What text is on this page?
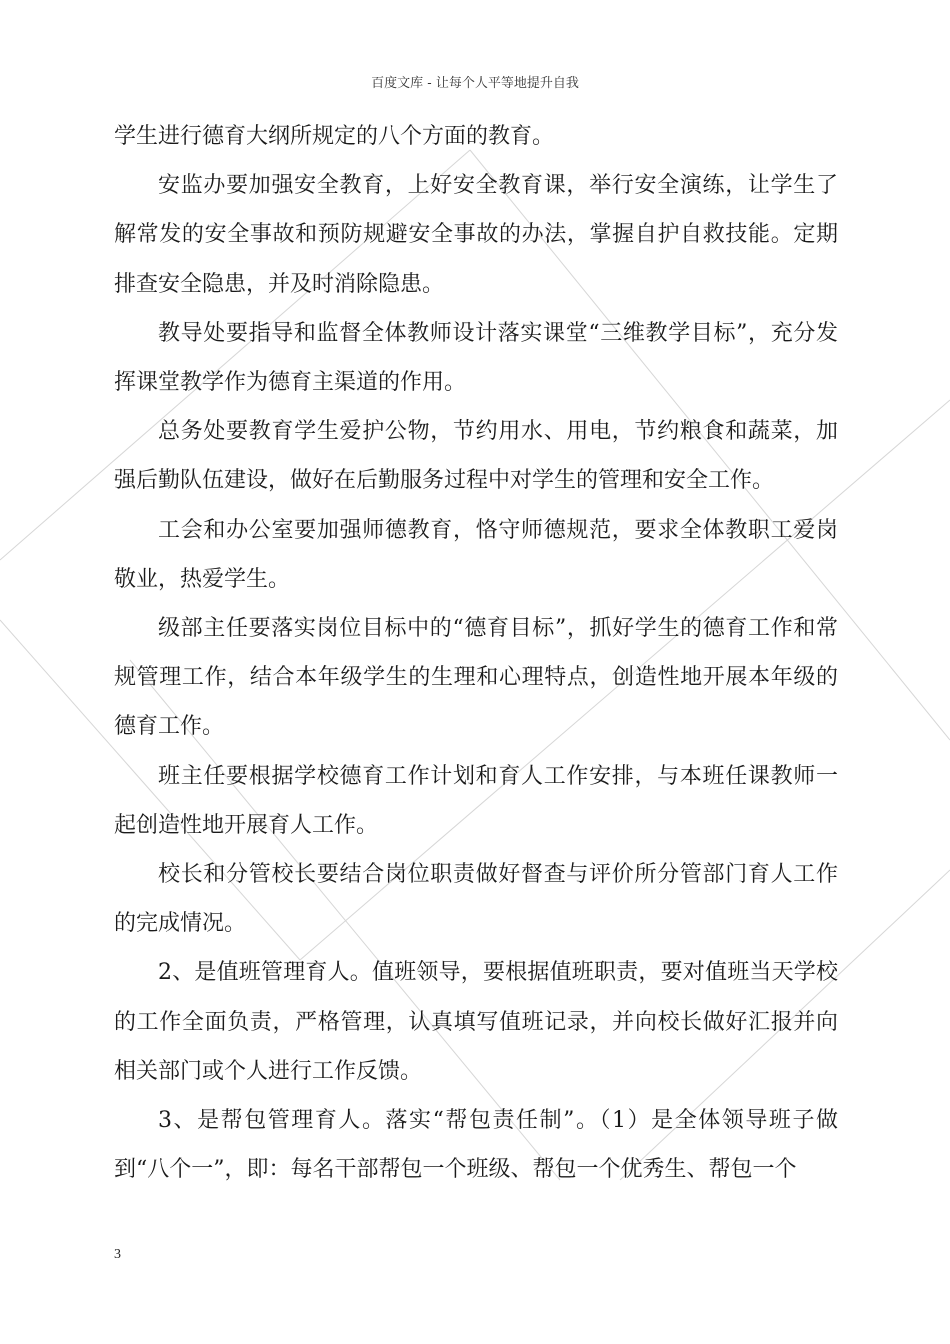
百度文库 - 让每个人平等地提升自我

学生进行德育大纲所规定的八个方面的教育。

安监办要加强安全教育，上好安全教育课，举行安全演练，让学生了解常发的安全事故和预防规避安全事故的办法，掌握自护自救技能。定期排查安全隐患，并及时消除隐患。

教导处要指导和监督全体教师设计落实课堂“三维教学目标”，充分发挥课堂教学作为德育主渠道的作用。

总务处要教育学生爱护公物，节约用水、用电，节约粮食和蔬菜，加强后勤队伍建设，做好在后勤服务过程中对学生的管理和安全工作。

工会和办公室要加强师德教育，恪守师德规范，要求全体教职工爱岗敬业，热爱学生。

级部主任要落实岗位目标中的“德育目标”，抓好学生的德育工作和常规管理工作，结合本年级学生的生理和心理特点，创造性地开展本年级的德育工作。

班主任要根据学校德育工作计划和育人工作安排，与本班任课教师一起创造性地开展育人工作。

校长和分管校长要结合岗位职责做好督查与评价所分管部门育人工作的完成情况。

2、是值班管理育人。值班领导，要根据值班职责，要对值班当天学校的工作全面负责，严格管理，认真填写值班记录，并向校长做好汇报并向相关部门或个人进行工作反馈。

3、是帮包管理育人。落实“帮包责任制”。（1）是全体领导班子做到“八个一”，即：每名干部帮包一个班级、帮包一个优秀生、帮包一个

3
